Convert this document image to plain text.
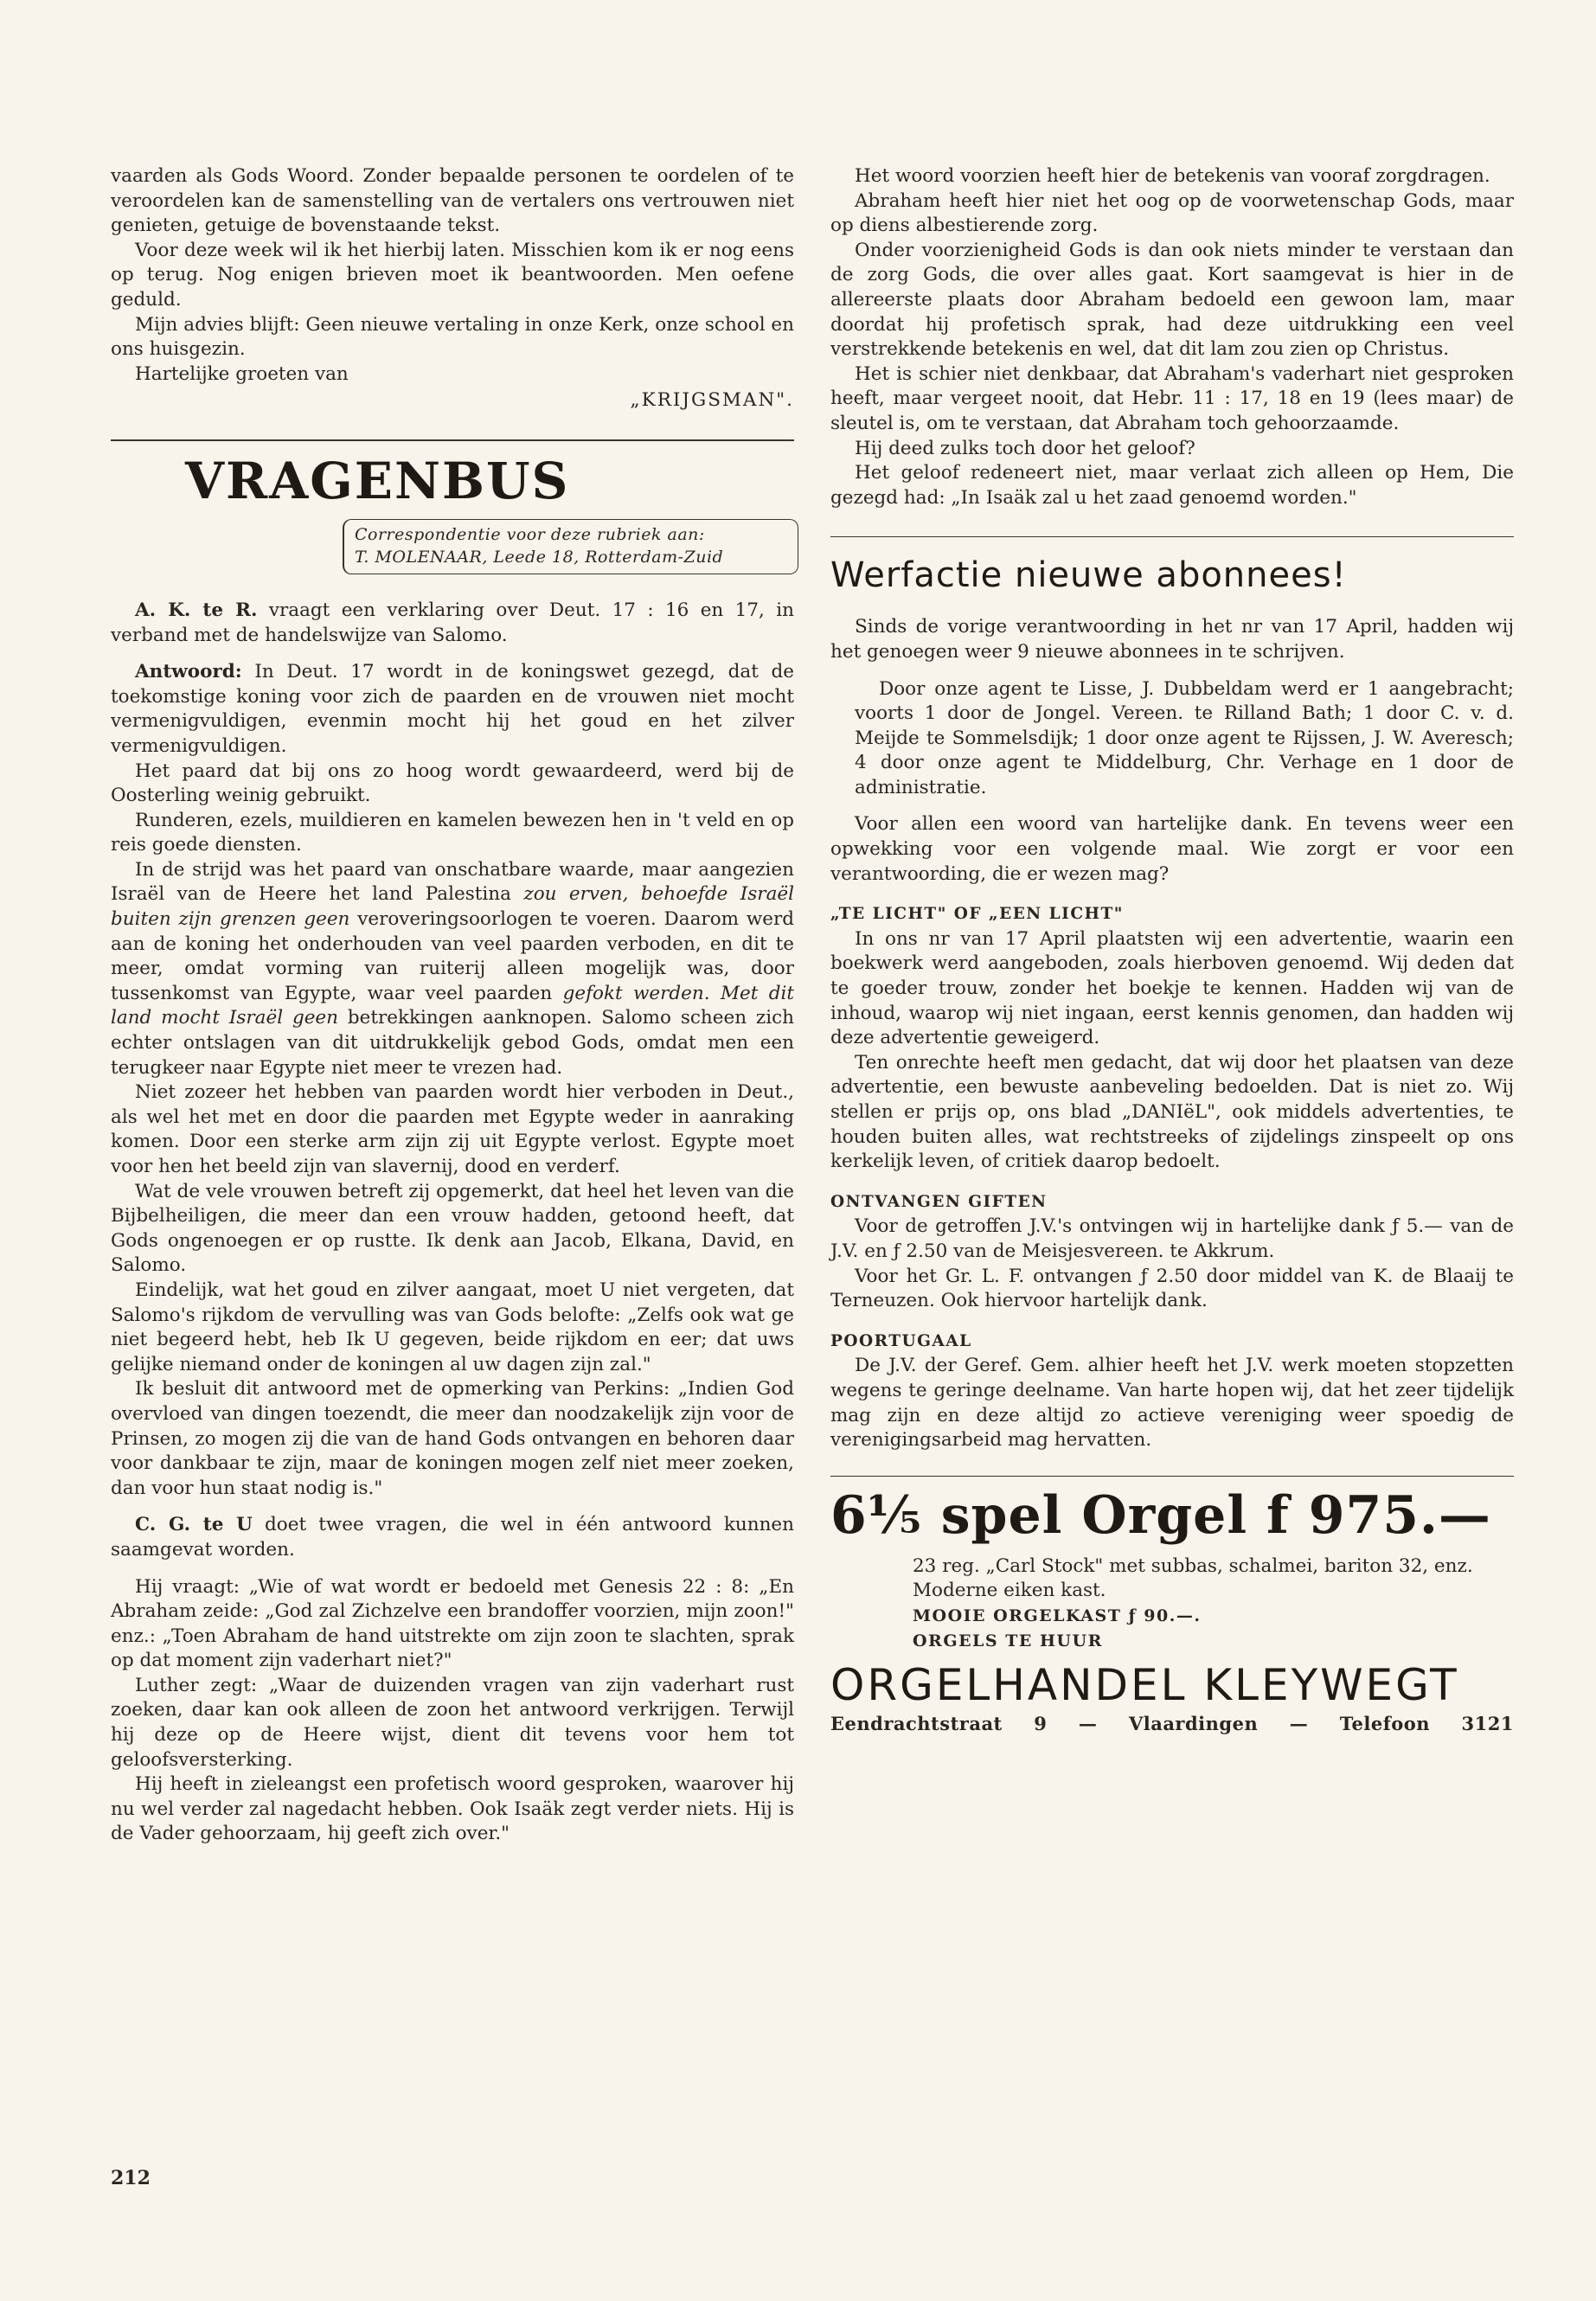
vaarden als Gods Woord. Zonder bepaalde personen te oordelen of te veroordelen kan de samenstelling van de vertalers ons vertrouwen niet genieten, getuige de bovenstaande tekst.

Voor deze week wil ik het hierbij laten. Misschien kom ik er nog eens op terug. Nog enigen brieven moet ik beantwoorden. Men oefene geduld.

Mijn advies blijft: Geen nieuwe vertaling in onze Kerk, onze school en ons huisgezin.

Hartelijke groeten van

„KRIJGSMAN".
VRAGENBUS
Correspondentie voor deze rubriek aan:
T. MOLENAAR, Leede 18, Rotterdam-Zuid

A. K. te R. vraagt een verklaring over Deut. 17 : 16 en 17, in verband met de handelswijze van Salomo.

Antwoord: In Deut. 17 wordt in de koningswet gezegd, dat de toekomstige koning voor zich de paarden en de vrouwen niet mocht vermenigvuldigen, evenmin mocht hij het goud en het zilver vermenigvuldigen.

Het paard dat bij ons zo hoog wordt gewaardeerd, werd bij de Oosterling weinig gebruikt.

Runderen, ezels, muildieren en kamelen bewezen hen in 't veld en op reis goede diensten.

In de strijd was het paard van onschatbare waarde, maar aangezien Israël van de Heere het land Palestina zou erven, behoefde Israël buiten zijn grenzen geen veroveringsoorlogen te voeren. Daarom werd aan de koning het onderhouden van veel paarden verboden, en dit te meer, omdat vorming van ruiterij alleen mogelijk was, door tussenkomst van Egypte, waar veel paarden gefokt werden. Met dit land mocht Israël geen betrekkingen aanknopen. Salomo scheen zich echter ontslagen van dit uitdrukkelijk gebod Gods, omdat men een terugkeer naar Egypte niet meer te vrezen had.

Niet zozeer het hebben van paarden wordt hier verboden in Deut., als wel het met en door die paarden met Egypte weder in aanraking komen. Door een sterke arm zijn zij uit Egypte verlost. Egypte moet voor hen het beeld zijn van slavernij, dood en verderf.

Wat de vele vrouwen betreft zij opgemerkt, dat heel het leven van die Bijbelheiligen, die meer dan een vrouw hadden, getoond heeft, dat Gods ongenoegen er op rustte. Ik denk aan Jacob, Elkana, David, en Salomo.

Eindelijk, wat het goud en zilver aangaat, moet U niet vergeten, dat Salomo's rijkdom de vervulling was van Gods belofte: „Zelfs ook wat ge niet begeerd hebt, heb Ik U gegeven, beide rijkdom en eer; dat uws gelijke niemand onder de koningen al uw dagen zijn zal."

Ik besluit dit antwoord met de opmerking van Perkins: „Indien God overvloed van dingen toezendt, die meer dan noodzakelijk zijn voor de Prinsen, zo mogen zij die van de hand Gods ontvangen en behoren daar voor dankbaar te zijn, maar de koningen mogen zelf niet meer zoeken, dan voor hun staat nodig is."

C. G. te U doet twee vragen, die wel in één antwoord kunnen saamgevat worden.

Hij vraagt: „Wie of wat wordt er bedoeld met Genesis 22 : 8: „En Abraham zeide: „God zal Zichzelve een brandoffer voorzien, mijn zoon!" enz.: „Toen Abraham de hand uitstrekte om zijn zoon te slachten, sprak op dat moment zijn vaderhart niet?"

Luther zegt: „Waar de duizenden vragen van zijn vaderhart rust zoeken, daar kan ook alleen de zoon het antwoord verkrijgen. Terwijl hij deze op de Heere wijst, dient dit tevens voor hem tot geloofsversterking.

Hij heeft in zieleangst een profetisch woord gesproken, waarover hij nu wel verder zal nagedacht hebben. Ook Isaäk zegt verder niets. Hij is de Vader gehoorzaam, hij geeft zich over."

Het woord voorzien heeft hier de betekenis van vooraf zorgdragen.

Abraham heeft hier niet het oog op de voorwetenschap Gods, maar op diens albestierende zorg.

Onder voorzienigheid Gods is dan ook niets minder te verstaan dan de zorg Gods, die over alles gaat. Kort saamgevat is hier in de allereerste plaats door Abraham bedoeld een gewoon lam, maar doordat hij profetisch sprak, had deze uitdrukking een veel verstrekkende betekenis en wel, dat dit lam zou zien op Christus.

Het is schier niet denkbaar, dat Abraham's vaderhart niet gesproken heeft, maar vergeet nooit, dat Hebr. 11 : 17, 18 en 19 (lees maar) de sleutel is, om te verstaan, dat Abraham toch gehoorzaamde.

Hij deed zulks toch door het geloof?

Het geloof redeneert niet, maar verlaat zich alleen op Hem, Die gezegd had: „In Isaäk zal u het zaad genoemd worden."

Werfactie nieuwe abonnees!

Sinds de vorige verantwoording in het nr van 17 April, hadden wij het genoegen weer 9 nieuwe abonnees in te schrijven.

Door onze agent te Lisse, J. Dubbeldam werd er 1 aangebracht; voorts 1 door de Jongel. Vereen. te Rilland Bath; 1 door C. v. d. Meijde te Sommelsdijk; 1 door onze agent te Rijssen, J. W. Averesch; 4 door onze agent te Middelburg, Chr. Verhage en 1 door de administratie.

Voor allen een woord van hartelijke dank. En tevens weer een opwekking voor een volgende maal. Wie zorgt er voor een verantwoording, die er wezen mag?

„TE LICHT" OF „EEN LICHT"

In ons nr van 17 April plaatsten wij een advertentie, waarin een boekwerk werd aangeboden, zoals hierboven genoemd. Wij deden dat te goeder trouw, zonder het boekje te kennen. Hadden wij van de inhoud, waarop wij niet ingaan, eerst kennis genomen, dan hadden wij deze advertentie geweigerd.

Ten onrechte heeft men gedacht, dat wij door het plaatsen van deze advertentie, een bewuste aanbeveling bedoelden. Dat is niet zo. Wij stellen er prijs op, ons blad „DANIëL", ook middels advertenties, te houden buiten alles, wat rechtstreeks of zijdelings zinspeelt op ons kerkelijk leven, of critiek daarop bedoelt.

ONTVANGEN GIFTEN

Voor de getroffen J.V.'s ontvingen wij in hartelijke dank ƒ 5.— van de J.V. en ƒ 2.50 van de Meisjesvereen. te Akkrum.

Voor het Gr. L. F. ontvangen ƒ 2.50 door middel van K. de Blaaij te Terneuzen. Ook hiervoor hartelijk dank.

POORTUGAAL

De J.V. der Geref. Gem. alhier heeft het J.V. werk moeten stopzetten wegens te geringe deelname. Van harte hopen wij, dat het zeer tijdelijk mag zijn en deze altijd zo actieve vereniging weer spoedig de verenigingsarbeid mag hervatten.

6⅕ spel Orgel f 975.—
23 reg. „Carl Stock" met subbas, schalmei, bariton 32, enz. Moderne eiken kast.
MOOIE ORGELKAST ƒ 90.—.
ORGELS TE HUUR
ORGELHANDEL KLEYWEGT
Eendrachtstraat 9 — Vlaardingen — Telefoon 3121
212
